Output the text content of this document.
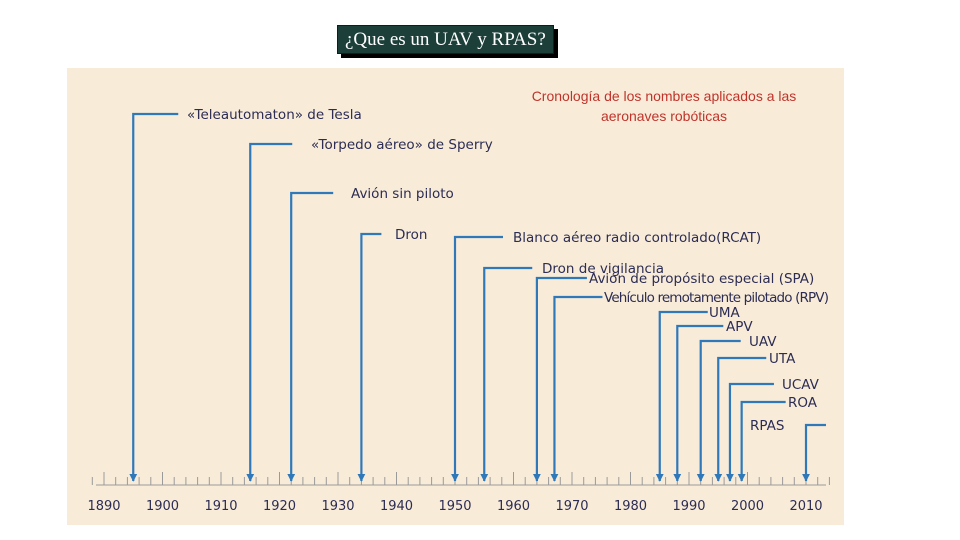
¿Que es un UAV y RPAS?
Cronología de los nombres aplicados a las aeronaves robóticas
1890 1900 1910 1920 1930 1940 1950 1960 1970 1980 1990 2000 2010
«Teleautomaton» de Tesla
«Torpedo aéreo» de Sperry
Avión sin piloto
Dron	Blanco aéreo radio controlado(RCAT)
Dron de vigilancia
Avión de propósito especial (SPA)
Vehículo remotamente pilotado (RPV)
UMA
APV
UAV
UTA
UCAV
ROA
RPAS
